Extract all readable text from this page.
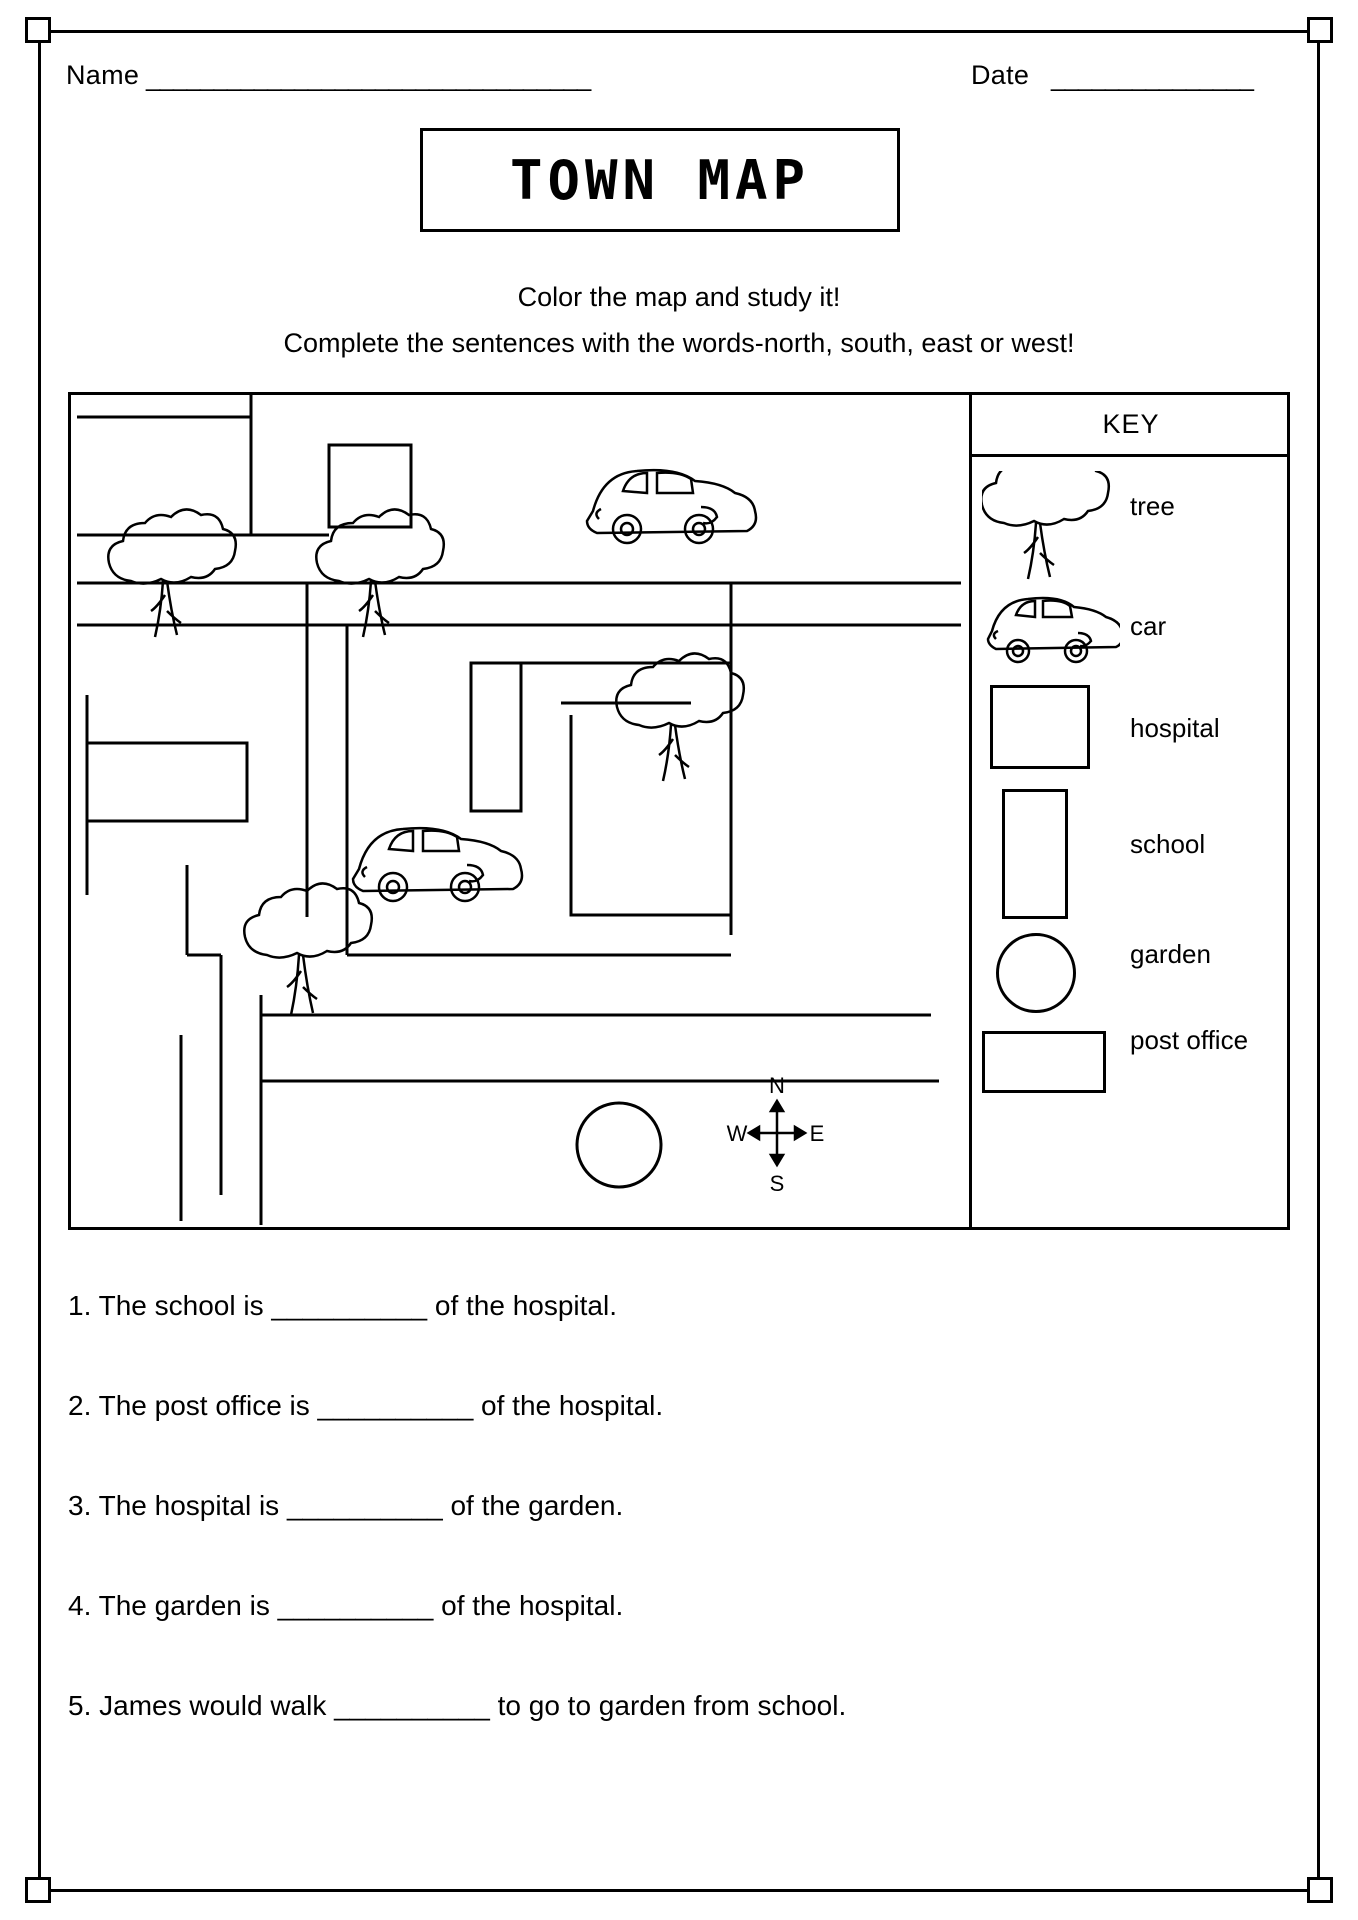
Name _________________________________	Date _______________
TOWN MAP
Color the map and study it!
Complete the sentences with the words-north, south, east or west!
N
S
W	E
KEY
tree
car
hospital
school
garden
post office
1. The school is __________ of the hospital.
2. The post office is __________ of the hospital.
3. The hospital is __________ of the garden.
4. The garden is __________ of the hospital.
5. James would walk __________ to go to garden from school.
